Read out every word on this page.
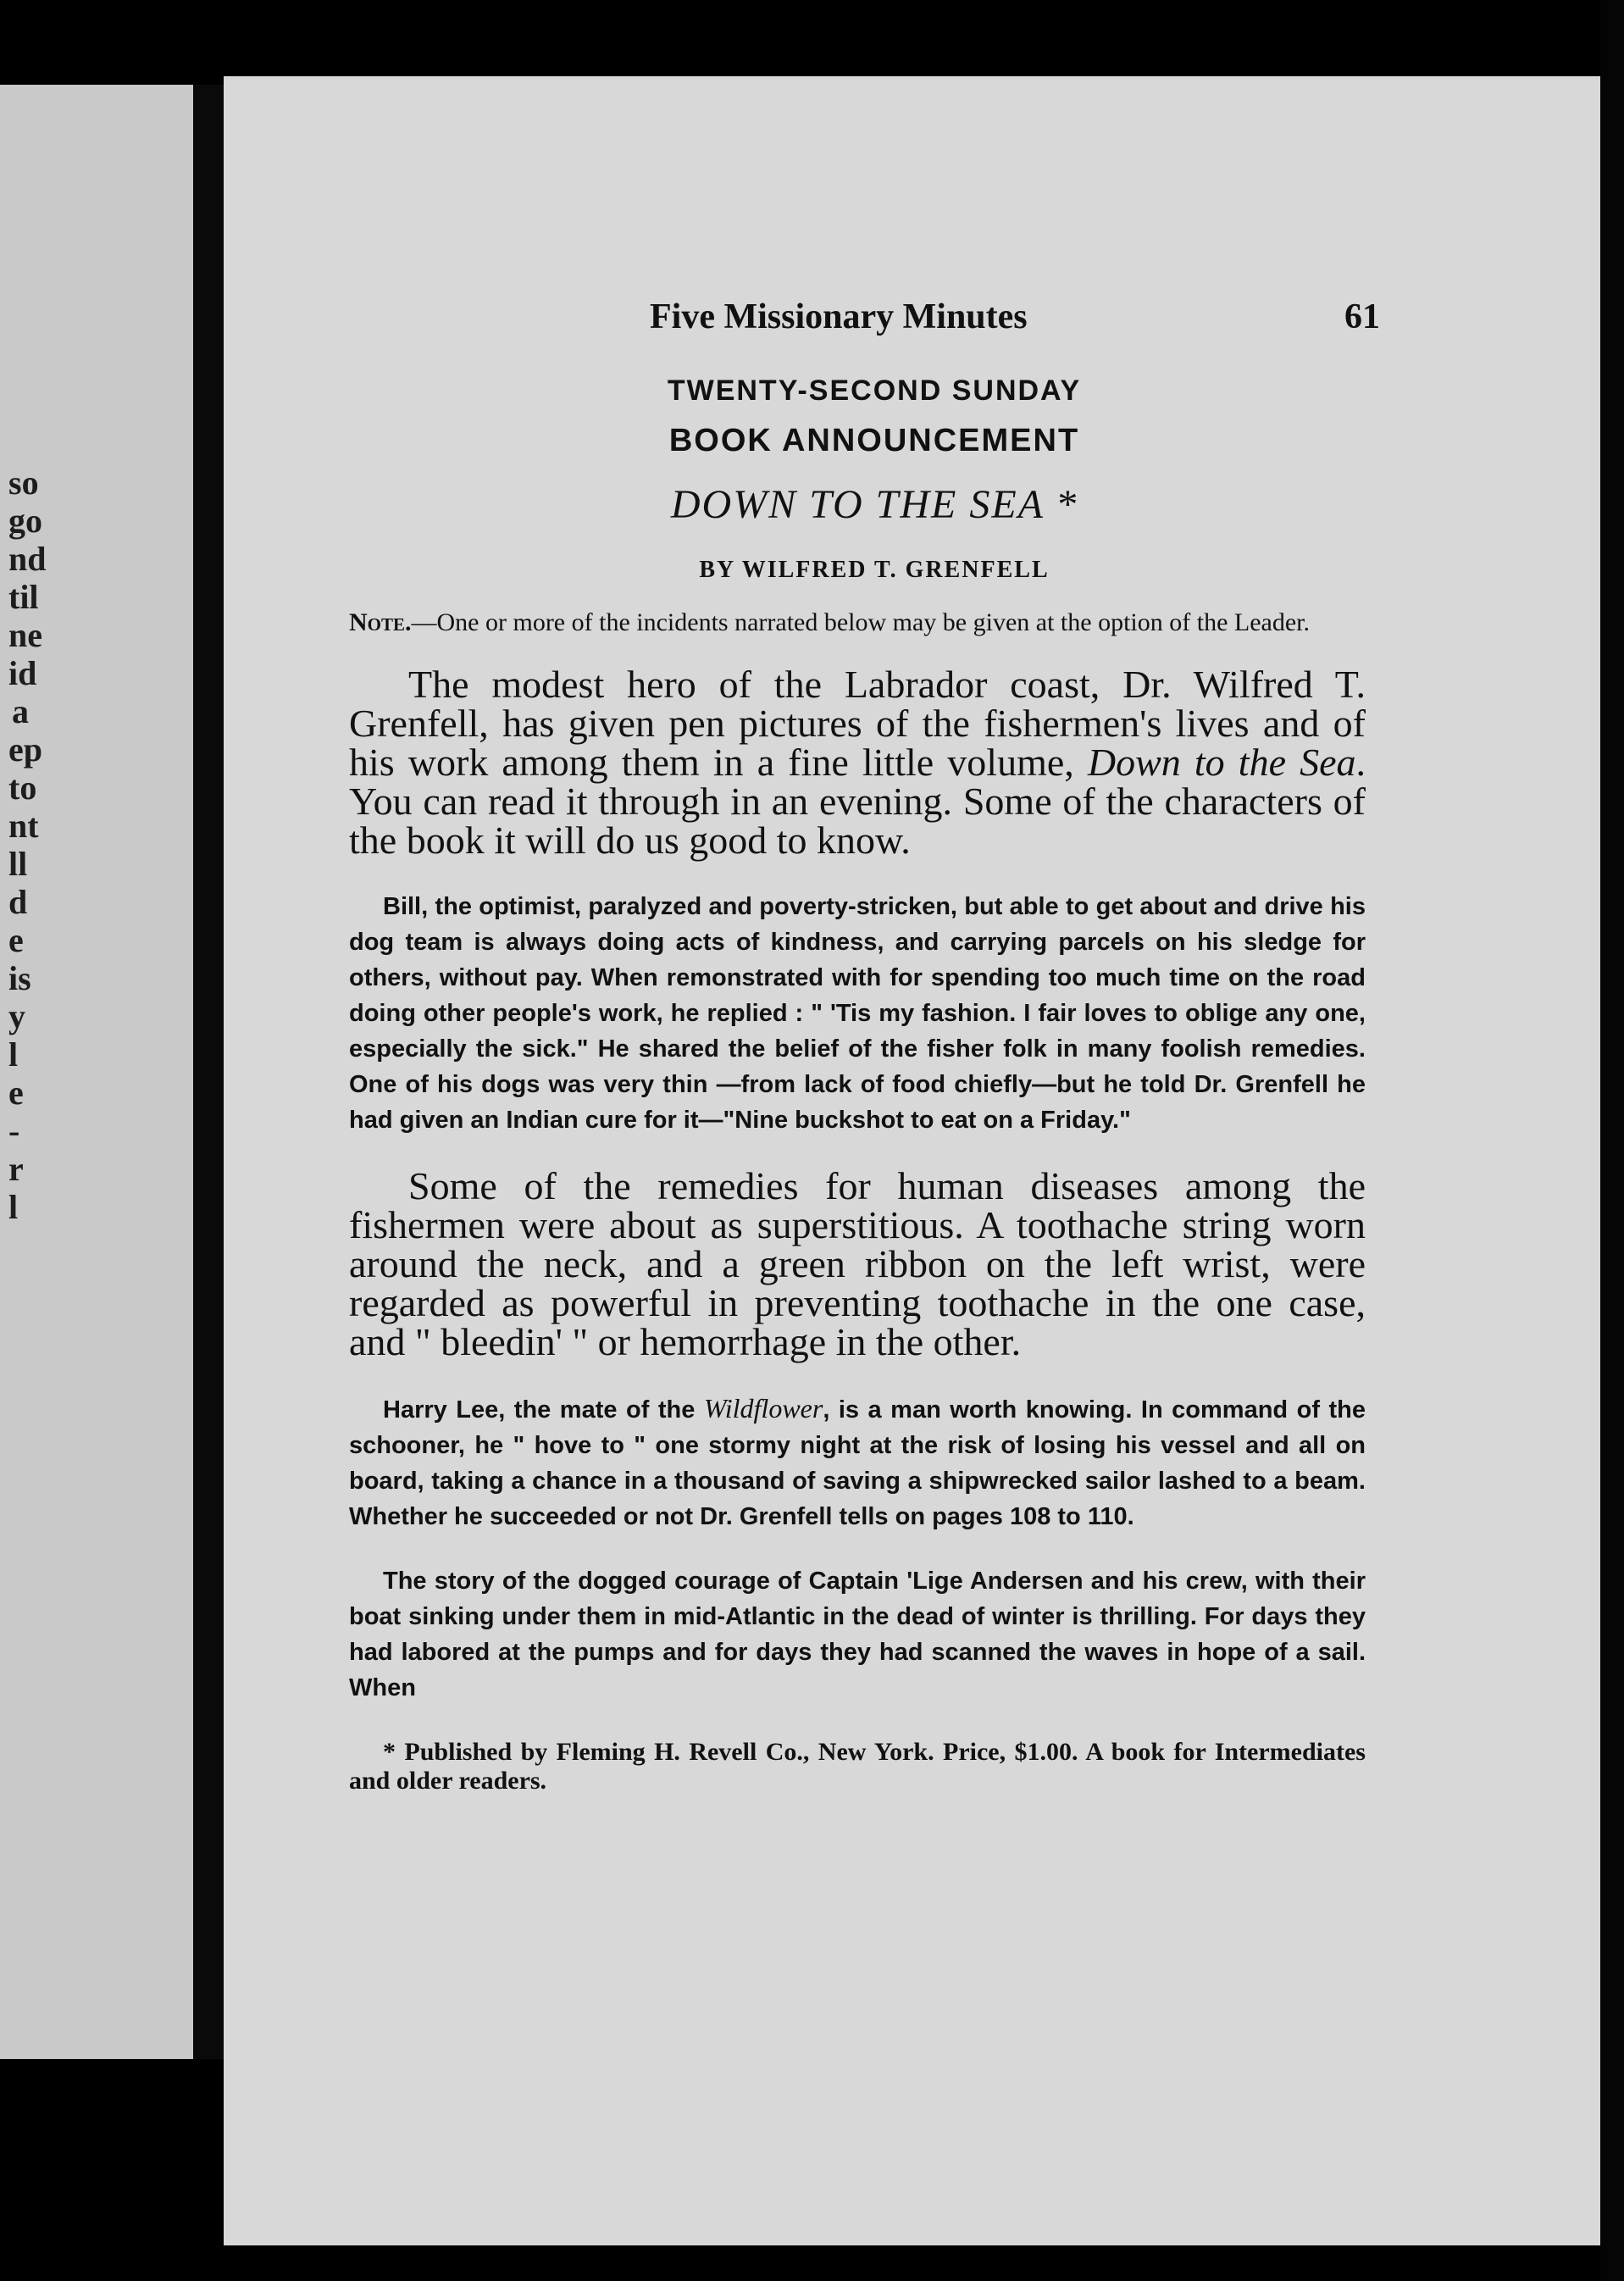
so
go
nd
til
ne
id
a
ep
to
nt
ll
d
e
is
y
l
e
-
r
l
Five Missionary Minutes	61
TWENTY-SECOND SUNDAY
BOOK ANNOUNCEMENT
DOWN TO THE SEA *
BY WILFRED T. GRENFELL
Note.—One or more of the incidents narrated below may be given at the option of the Leader.
The modest hero of the Labrador coast, Dr. Wilfred T. Grenfell, has given pen pictures of the fishermen's lives and of his work among them in a fine little volume, Down to the Sea. You can read it through in an evening. Some of the characters of the book it will do us good to know.
Bill, the optimist, paralyzed and poverty-stricken, but able to get about and drive his dog team is always doing acts of kindness, and carrying parcels on his sledge for others, without pay. When remonstrated with for spending too much time on the road doing other people's work, he replied : " 'Tis my fashion. I fair loves to oblige any one, especially the sick." He shared the belief of the fisher folk in many foolish remedies. One of his dogs was very thin —from lack of food chiefly—but he told Dr. Grenfell he had given an Indian cure for it—"Nine buckshot to eat on a Friday."
Some of the remedies for human diseases among the fishermen were about as superstitious. A toothache string worn around the neck, and a green ribbon on the left wrist, were regarded as powerful in preventing toothache in the one case, and " bleedin' " or hemorrhage in the other.
Harry Lee, the mate of the Wildflower, is a man worth knowing. In command of the schooner, he " hove to " one stormy night at the risk of losing his vessel and all on board, taking a chance in a thousand of saving a shipwrecked sailor lashed to a beam. Whether he succeeded or not Dr. Grenfell tells on pages 108 to 110.
The story of the dogged courage of Captain 'Lige Andersen and his crew, with their boat sinking under them in mid-Atlantic in the dead of winter is thrilling. For days they had labored at the pumps and for days they had scanned the waves in hope of a sail. When
* Published by Fleming H. Revell Co., New York. Price, $1.00. A book for Intermediates and older readers.
